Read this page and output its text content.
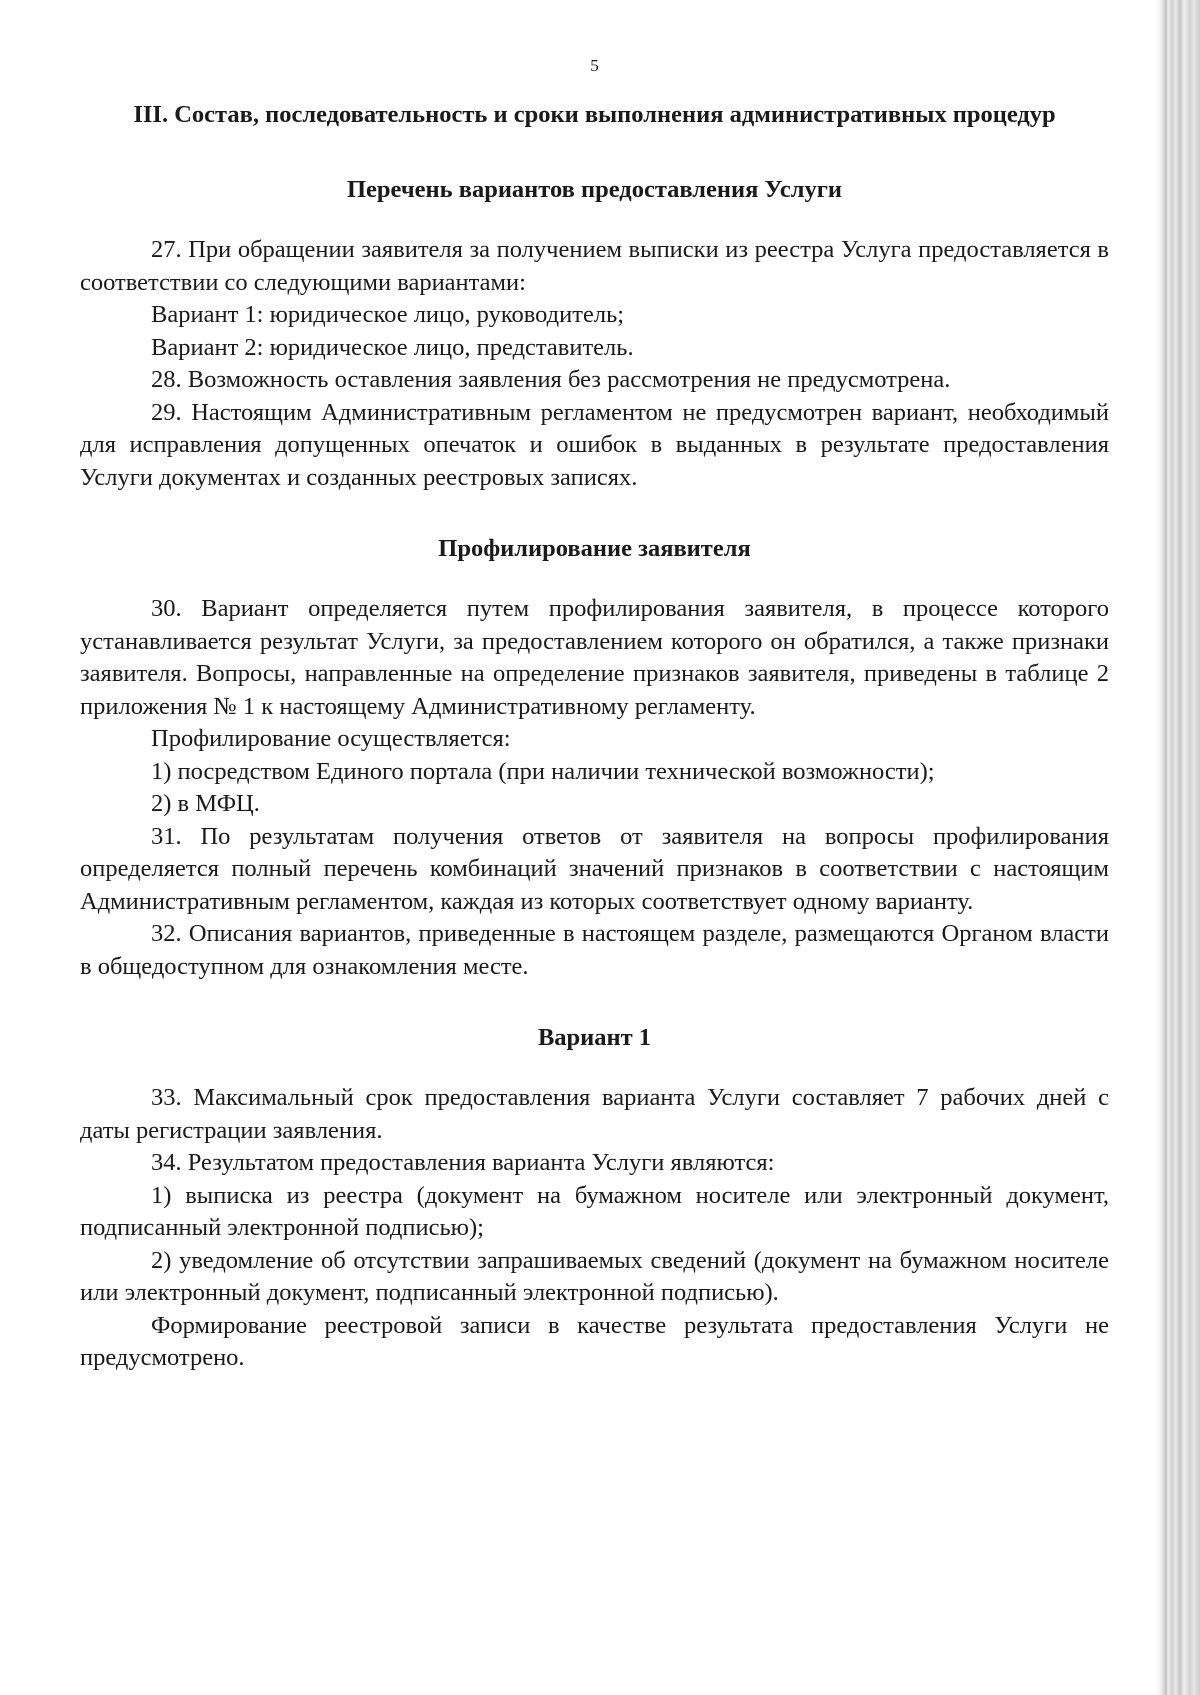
5
III. Состав, последовательность и сроки выполнения административных процедур
Перечень вариантов предоставления Услуги

27. При обращении заявителя за получением выписки из реестра Услуга предоставляется в соответствии со следующими вариантами:

Вариант 1: юридическое лицо, руководитель;

Вариант 2: юридическое лицо, представитель.

28. Возможность оставления заявления без рассмотрения не предусмотрена.

29. Настоящим Административным регламентом не предусмотрен вариант, необходимый для исправления допущенных опечаток и ошибок в выданных в результате предоставления Услуги документах и созданных реестровых записях.

Профилирование заявителя

30. Вариант определяется путем профилирования заявителя, в процессе которого устанавливается результат Услуги, за предоставлением которого он обратился, а также признаки заявителя. Вопросы, направленные на определение признаков заявителя, приведены в таблице 2 приложения № 1 к настоящему Административному регламенту.

Профилирование осуществляется:

1) посредством Единого портала (при наличии технической возможности);

2) в МФЦ.

31. По результатам получения ответов от заявителя на вопросы профилирования определяется полный перечень комбинаций значений признаков в соответствии с настоящим Административным регламентом, каждая из которых соответствует одному варианту.

32. Описания вариантов, приведенные в настоящем разделе, размещаются Органом власти в общедоступном для ознакомления месте.

Вариант 1

33. Максимальный срок предоставления варианта Услуги составляет 7 рабочих дней с даты регистрации заявления.

34. Результатом предоставления варианта Услуги являются:

1) выписка из реестра (документ на бумажном носителе или электронный документ, подписанный электронной подписью);

2) уведомление об отсутствии запрашиваемых сведений (документ на бумажном носителе или электронный документ, подписанный электронной подписью).

Формирование реестровой записи в качестве результата предоставления Услуги не предусмотрено.
